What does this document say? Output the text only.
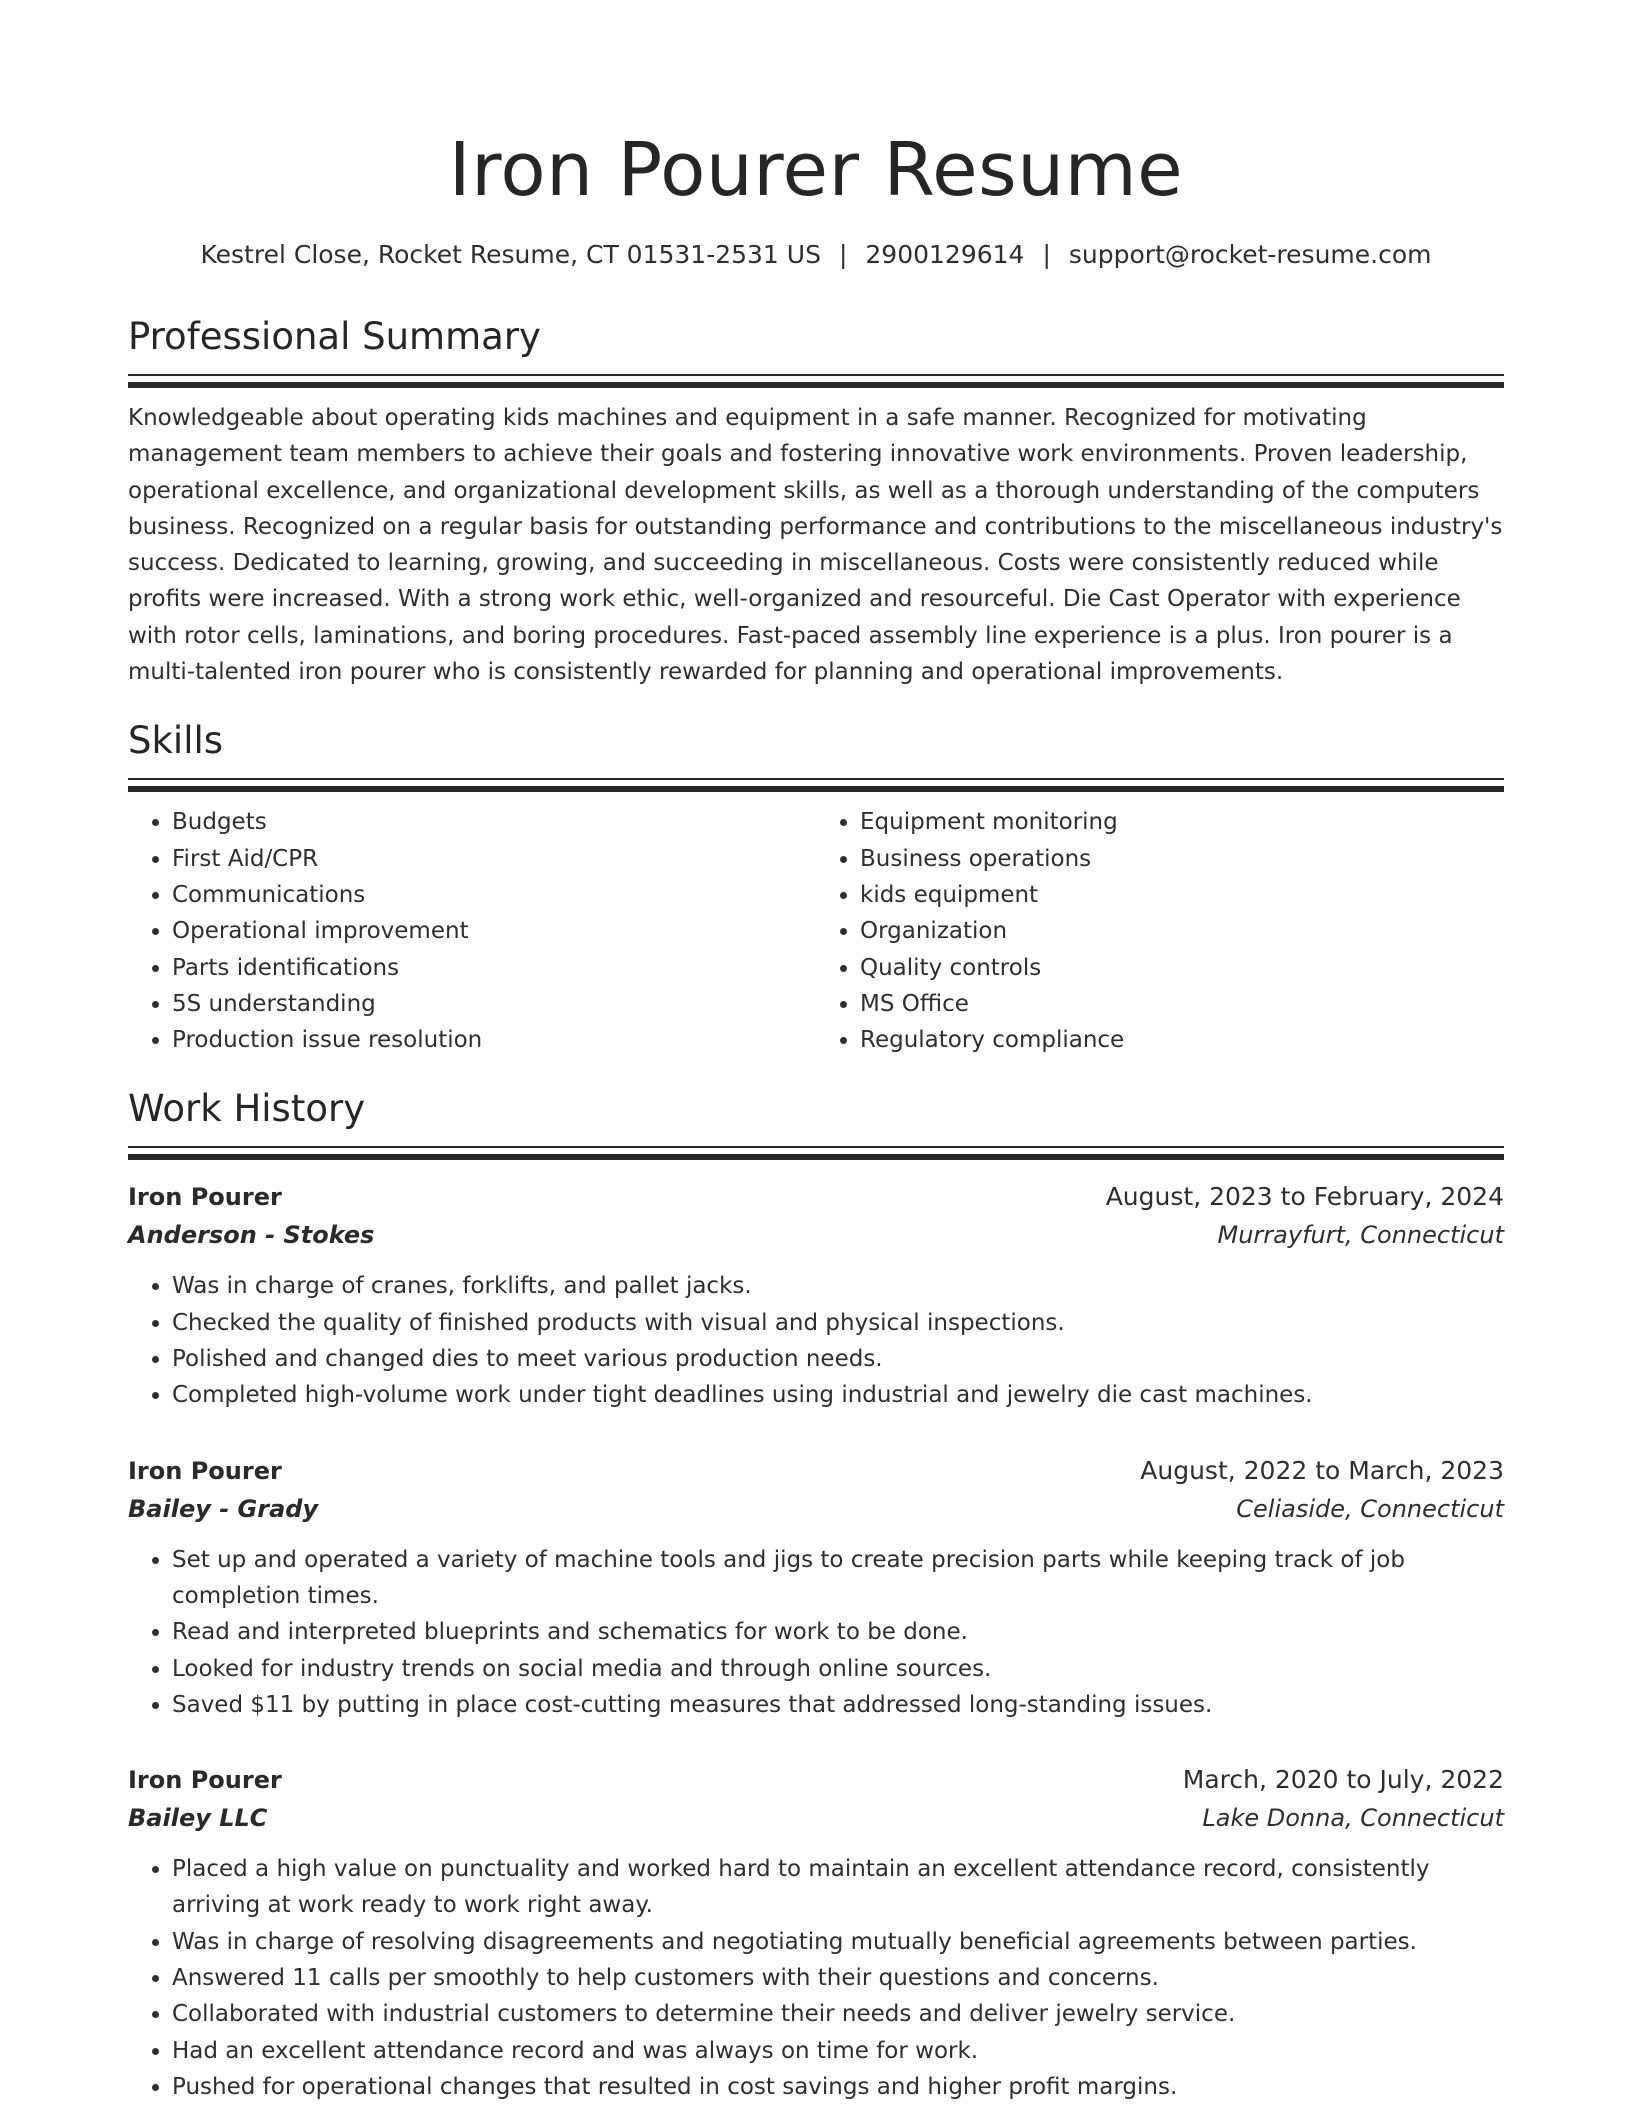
Iron Pourer Resume
Kestrel Close, Rocket Resume, CT 01531-2531 US | 2900129614 | support@rocket-resume.com
Professional Summary

Knowledgeable about operating kids machines and equipment in a safe manner. Recognized for motivating management team members to achieve their goals and fostering innovative work environments. Proven leadership, operational excellence, and organizational development skills, as well as a thorough understanding of the computers business. Recognized on a regular basis for outstanding performance and contributions to the miscellaneous industry's success. Dedicated to learning, growing, and succeeding in miscellaneous. Costs were consistently reduced while profits were increased. With a strong work ethic, well-organized and resourceful. Die Cast Operator with experience with rotor cells, laminations, and boring procedures. Fast-paced assembly line experience is a plus. Iron pourer is a multi-talented iron pourer who is consistently rewarded for planning and operational improvements.

Skills
• Budgets
• First Aid/CPR
• Communications
• Operational improvement
• Parts identifications
• 5S understanding
• Production issue resolution
• Equipment monitoring
• Business operations
• kids equipment
• Organization
• Quality controls
• MS Office
• Regulatory compliance
Work History
Iron Pourer	August, 2023 to February, 2024
Anderson - Stokes	Murrayfurt, Connecticut
• Was in charge of cranes, forklifts, and pallet jacks.
• Checked the quality of finished products with visual and physical inspections.
• Polished and changed dies to meet various production needs.
• Completed high-volume work under tight deadlines using industrial and jewelry die cast machines.
Iron Pourer	August, 2022 to March, 2023
Bailey - Grady	Celiaside, Connecticut
• Set up and operated a variety of machine tools and jigs to create precision parts while keeping track of job completion times.
• Read and interpreted blueprints and schematics for work to be done.
• Looked for industry trends on social media and through online sources.
• Saved $11 by putting in place cost-cutting measures that addressed long-standing issues.
Iron Pourer	March, 2020 to July, 2022
Bailey LLC	Lake Donna, Connecticut
• Placed a high value on punctuality and worked hard to maintain an excellent attendance record, consistently arriving at work ready to work right away.
• Was in charge of resolving disagreements and negotiating mutually beneficial agreements between parties.
• Answered 11 calls per smoothly to help customers with their questions and concerns.
• Collaborated with industrial customers to determine their needs and deliver jewelry service.
• Had an excellent attendance record and was always on time for work.
• Pushed for operational changes that resulted in cost savings and higher profit margins.
